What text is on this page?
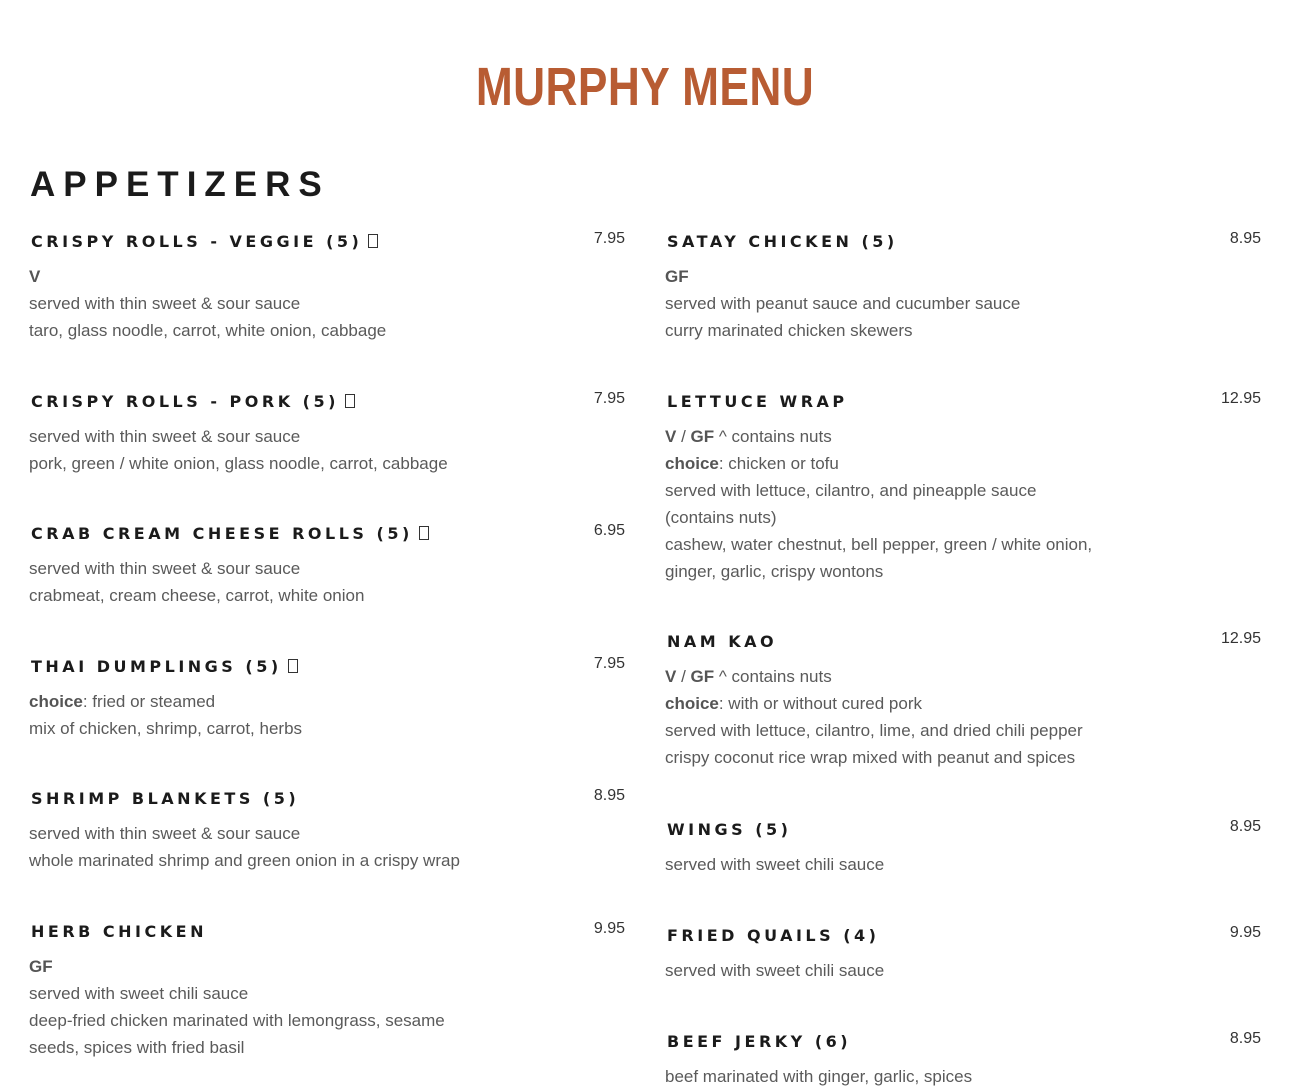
MURPHY MENU
APPETIZERS
CRISPY ROLLS - VEGGIE (5)	7.95
V
served with thin sweet & sour sauce
taro, glass noodle, carrot, white onion, cabbage
CRISPY ROLLS - PORK (5)	7.95
served with thin sweet & sour sauce
pork, green / white onion, glass noodle, carrot, cabbage
CRAB CREAM CHEESE ROLLS (5)	6.95
served with thin sweet & sour sauce
crabmeat, cream cheese, carrot, white onion
THAI DUMPLINGS (5)	7.95
choice: fried or steamed
mix of chicken, shrimp, carrot, herbs
SHRIMP BLANKETS (5)	8.95
served with thin sweet & sour sauce
whole marinated shrimp and green onion in a crispy wrap
HERB CHICKEN	9.95
GF
served with sweet chili sauce
deep-fried chicken marinated with lemongrass, sesame seeds, spices with fried basil
SATAY CHICKEN (5)	8.95
GF
served with peanut sauce and cucumber sauce
curry marinated chicken skewers
LETTUCE WRAP	12.95
V / GF ^ contains nuts
choice: chicken or tofu
served with lettuce, cilantro, and pineapple sauce (contains nuts)
cashew, water chestnut, bell pepper, green / white onion, ginger, garlic, crispy wontons
NAM KAO	12.95
V / GF ^ contains nuts
choice: with or without cured pork
served with lettuce, cilantro, lime, and dried chili pepper
crispy coconut rice wrap mixed with peanut and spices
WINGS (5)	8.95
served with sweet chili sauce
FRIED QUAILS (4)	9.95
served with sweet chili sauce
BEEF JERKY (6)	8.95
beef marinated with ginger, garlic, spices
